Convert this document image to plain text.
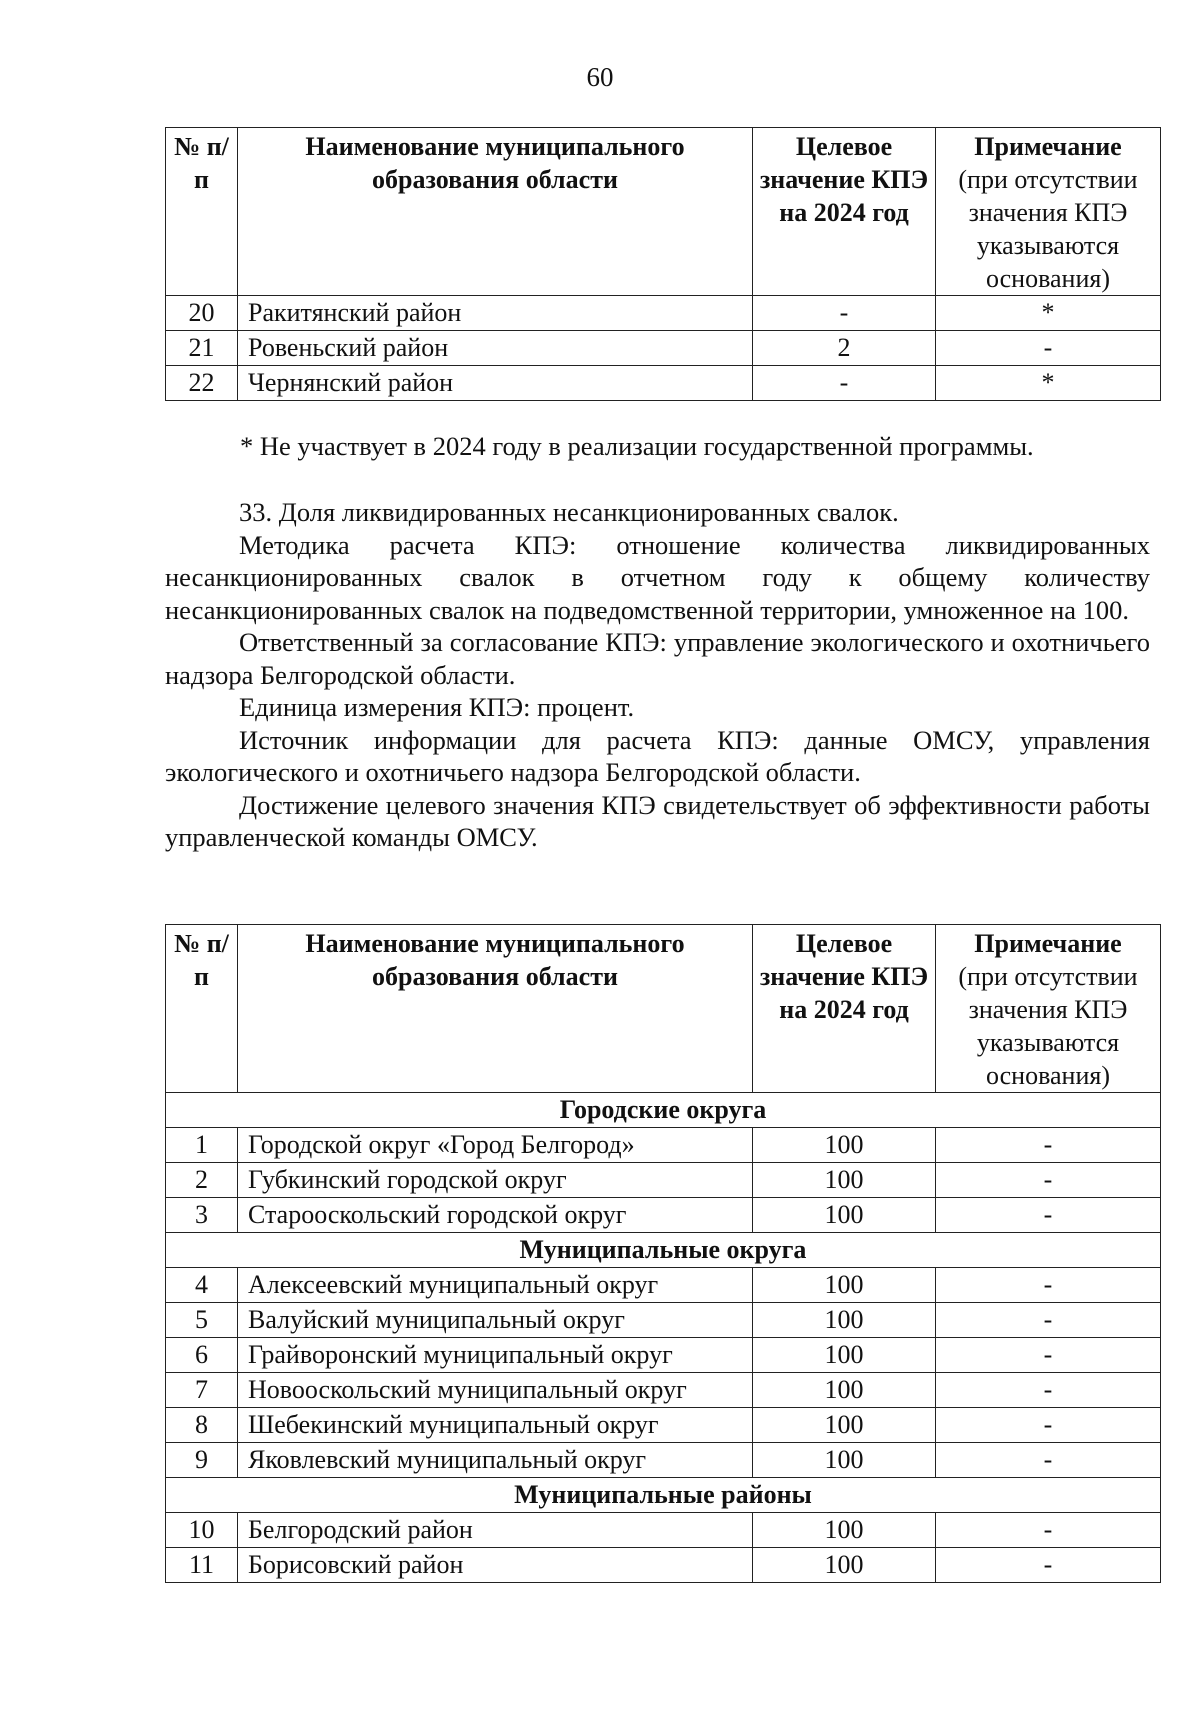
60
№ п/п	Наименование муниципального образования области	Целевое значение КПЭ на 2024 год	Примечание
(при отсутствии значения КПЭ указываются основания)
20	Ракитянский район	-	*
21	Ровеньский район	2	-
22	Чернянский район	-	*
* Не участвует в 2024 году в реализации государственной программы.

33. Доля ликвидированных несанкционированных свалок.

Методика расчета КПЭ: отношение количества ликвидированных несанкционированных свалок в отчетном году к общему количеству несанкционированных свалок на подведомственной территории, умноженное на 100.

Ответственный за согласование КПЭ: управление экологического и охотничьего надзора Белгородской области.

Единица измерения КПЭ: процент.

Источник информации для расчета КПЭ: данные ОМСУ, управления экологического и охотничьего надзора Белгородской области.

Достижение целевого значения КПЭ свидетельствует об эффективности работы управленческой команды ОМСУ.

№ п/п	Наименование муниципального образования области	Целевое значение КПЭ на 2024 год	Примечание
(при отсутствии значения КПЭ указываются основания)
Городские округа			
1	Городской округ «Город Белгород»	100	-
2	Губкинский городской округ	100	-
3	Старооскольский городской округ	100	-
Муниципальные округа			
4	Алексеевский муниципальный округ	100	-
5	Валуйский муниципальный округ	100	-
6	Грайворонский муниципальный округ	100	-
7	Новооскольский муниципальный округ	100	-
8	Шебекинский муниципальный округ	100	-
9	Яковлевский муниципальный округ	100	-
Муниципальные районы			
10	Белгородский район	100	-
11	Борисовский район	100	-
